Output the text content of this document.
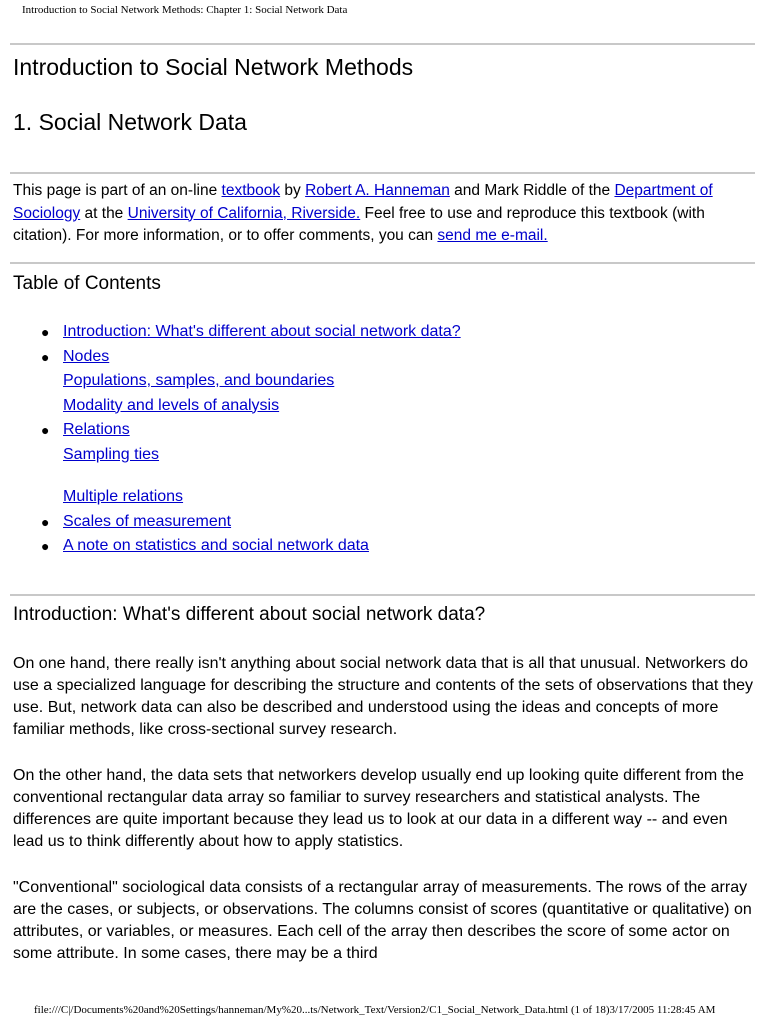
Introduction to Social Network Methods: Chapter 1: Social Network Data
Introduction to Social Network Methods
1. Social Network Data

This page is part of an on-line textbook by Robert A. Hanneman and Mark Riddle of the Department of Sociology at the University of California, Riverside. Feel free to use and reproduce this textbook (with citation). For more information, or to offer comments, you can send me e-mail.

Table of Contents
● Introduction: What's different about social network data?
● Nodes
Populations, samples, and boundaries
Modality and levels of analysis
● Relations
Sampling ties
Multiple relations
● Scales of measurement
● A note on statistics and social network data
Introduction: What's different about social network data?

On one hand, there really isn't anything about social network data that is all that unusual. Networkers do use a specialized language for describing the structure and contents of the sets of observations that they use. But, network data can also be described and understood using the ideas and concepts of more familiar methods, like cross-sectional survey research.

On the other hand, the data sets that networkers develop usually end up looking quite different from the conventional rectangular data array so familiar to survey researchers and statistical analysts. The differences are quite important because they lead us to look at our data in a different way -- and even lead us to think differently about how to apply statistics.

"Conventional" sociological data consists of a rectangular array of measurements. The rows of the array are the cases, or subjects, or observations. The columns consist of scores (quantitative or qualitative) on attributes, or variables, or measures. Each cell of the array then describes the score of some actor on some attribute. In some cases, there may be a third

file:///C|/Documents%20and%20Settings/hanneman/My%20...ts/Network_Text/Version2/C1_Social_Network_Data.html (1 of 18)3/17/2005 11:28:45 AM
